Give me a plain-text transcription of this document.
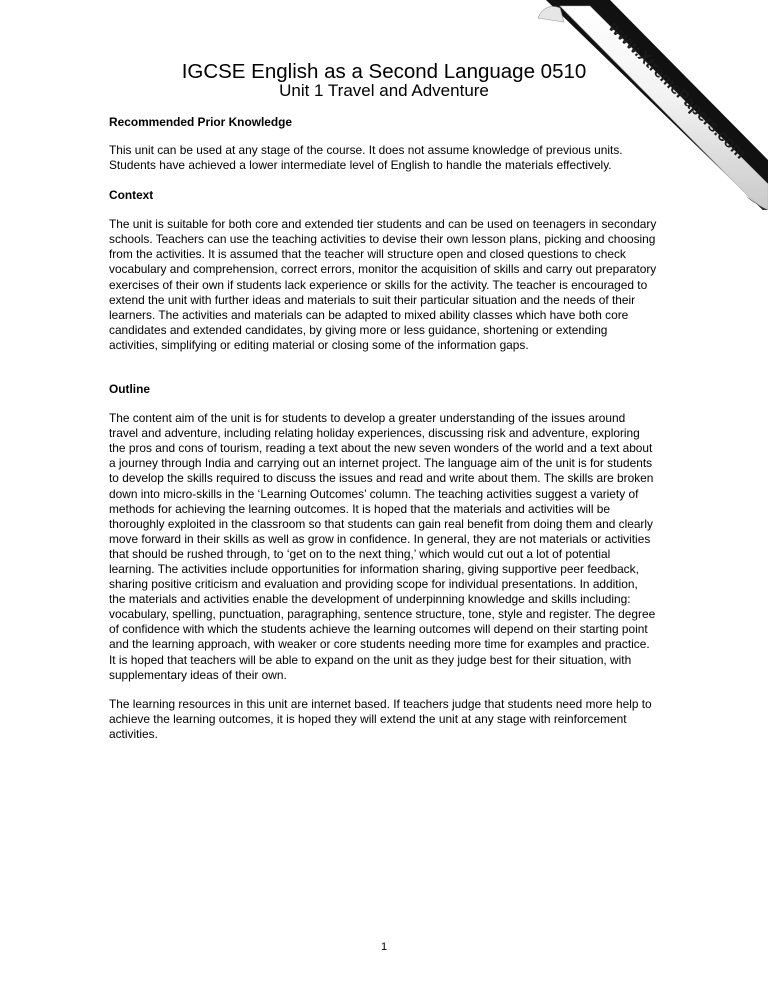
www.XtremePapers.com
IGCSE English as a Second Language 0510
Unit 1 Travel and Adventure

Recommended Prior Knowledge

This unit can be used at any stage of the course. It does not assume knowledge of previous units. Students have achieved a lower intermediate level of English to handle the materials effectively.

Context

The unit is suitable for both core and extended tier students and can be used on teenagers in secondary schools. Teachers can use the teaching activities to devise their own lesson plans, picking and choosing from the activities. It is assumed that the teacher will structure open and closed questions to check vocabulary and comprehension, correct errors, monitor the acquisition of skills and carry out preparatory exercises of their own if students lack experience or skills for the activity. The teacher is encouraged to extend the unit with further ideas and materials to suit their particular situation and the needs of their learners. The activities and materials can be adapted to mixed ability classes which have both core candidates and extended candidates, by giving more or less guidance, shortening or extending activities, simplifying or editing material or closing some of the information gaps.

Outline

The content aim of the unit is for students to develop a greater understanding of the issues around travel and adventure, including relating holiday experiences, discussing risk and adventure, exploring the pros and cons of tourism, reading a text about the new seven wonders of the world and a text about a journey through India and carrying out an internet project. The language aim of the unit is for students to develop the skills required to discuss the issues and read and write about them. The skills are broken down into micro-skills in the ‘Learning Outcomes’ column. The teaching activities suggest a variety of methods for achieving the learning outcomes. It is hoped that the materials and activities will be thoroughly exploited in the classroom so that students can gain real benefit from doing them and clearly move forward in their skills as well as grow in confidence. In general, they are not materials or activities that should be rushed through, to ‘get on to the next thing,’ which would cut out a lot of potential learning. The activities include opportunities for information sharing, giving supportive peer feedback, sharing positive criticism and evaluation and providing scope for individual presentations. In addition, the materials and activities enable the development of underpinning knowledge and skills including: vocabulary, spelling, punctuation, paragraphing, sentence structure, tone, style and register. The degree of confidence with which the students achieve the learning outcomes will depend on their starting point and the learning approach, with weaker or core students needing more time for examples and practice. It is hoped that teachers will be able to expand on the unit as they judge best for their situation, with supplementary ideas of their own.

The learning resources in this unit are internet based. If teachers judge that students need more help to achieve the learning outcomes, it is hoped they will extend the unit at any stage with reinforcement activities.

1
